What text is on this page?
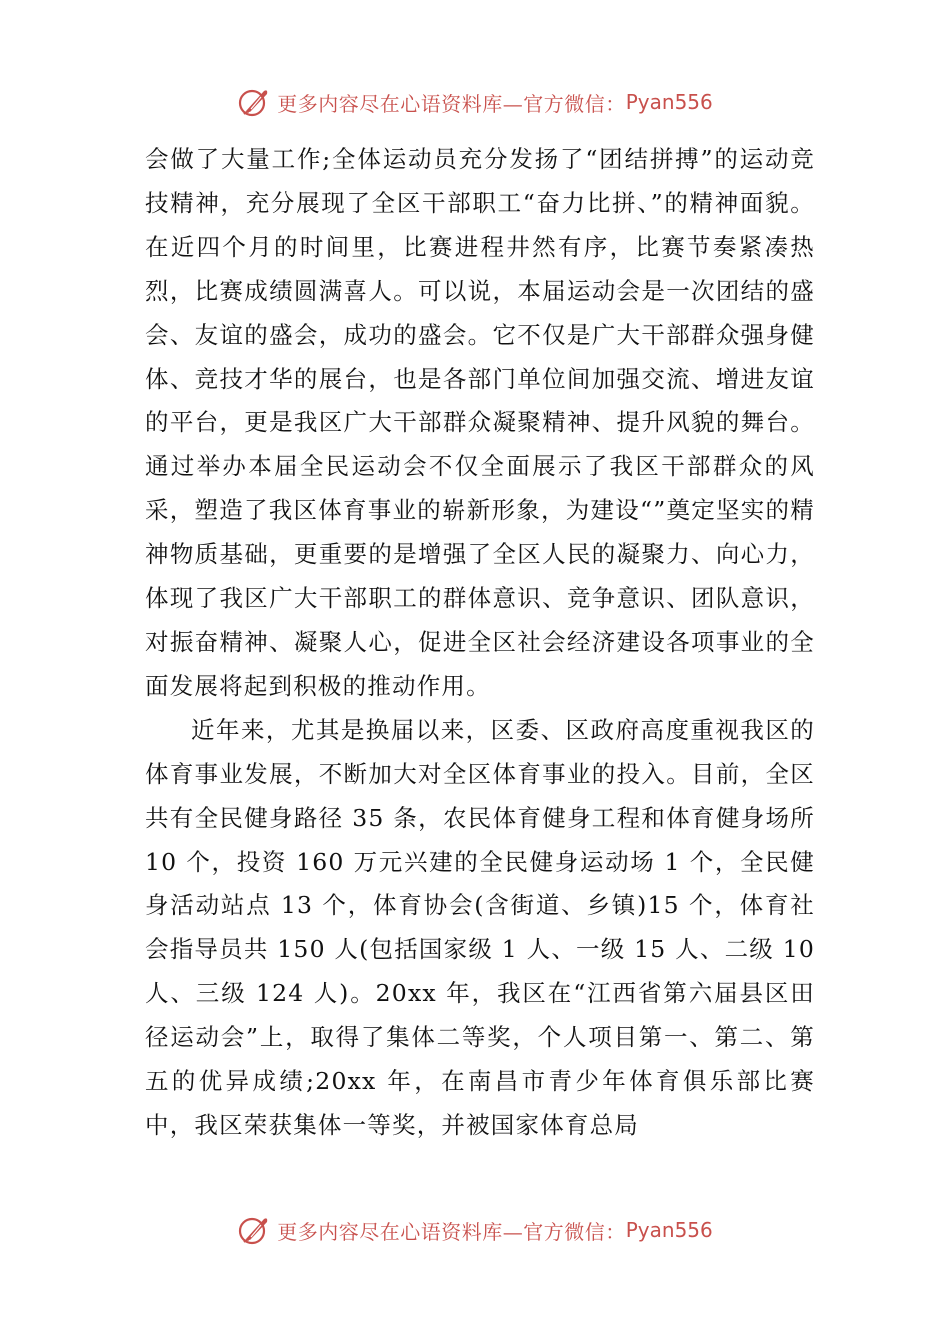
更多内容尽在心语资料库—官方微信： Pyan556

会做了大量工作;全体运动员充分发扬了“团结拼搏”的运动竞技精神，充分展现了全区干部职工“奋力比拼、”的精神面貌。在近四个月的时间里，比赛进程井然有序，比赛节奏紧凑热烈，比赛成绩圆满喜人。可以说，本届运动会是一次团结的盛会、友谊的盛会，成功的盛会。它不仅是广大干部群众强身健体、竞技才华的展台，也是各部门单位间加强交流、增进友谊的平台，更是我区广大干部群众凝聚精神、提升风貌的舞台。通过举办本届全民运动会不仅全面展示了我区干部群众的风采，塑造了我区体育事业的崭新形象，为建设“”奠定坚实的精神物质基础，更重要的是增强了全区人民的凝聚力、向心力，体现了我区广大干部职工的群体意识、竞争意识、团队意识，对振奋精神、凝聚人心，促进全区社会经济建设各项事业的全面发展将起到积极的推动作用。

近年来，尤其是换届以来，区委、区政府高度重视我区的体育事业发展，不断加大对全区体育事业的投入。目前，全区共有全民健身路径 35 条，农民体育健身工程和体育健身场所 10 个，投资 160 万元兴建的全民健身运动场 1 个，全民健身活动站点 13 个，体育协会(含街道、乡镇)15 个，体育社会指导员共 150 人(包括国家级 1 人、一级 15 人、二级 10 人、三级 124 人)。20xx 年，我区在“江西省第六届县区田径运动会”上，取得了集体二等奖，个人项目第一、第二、第五的优异成绩;20xx 年，在南昌市青少年体育俱乐部比赛中，我区荣获集体一等奖，并被国家体育总局

更多内容尽在心语资料库—官方微信： Pyan556
